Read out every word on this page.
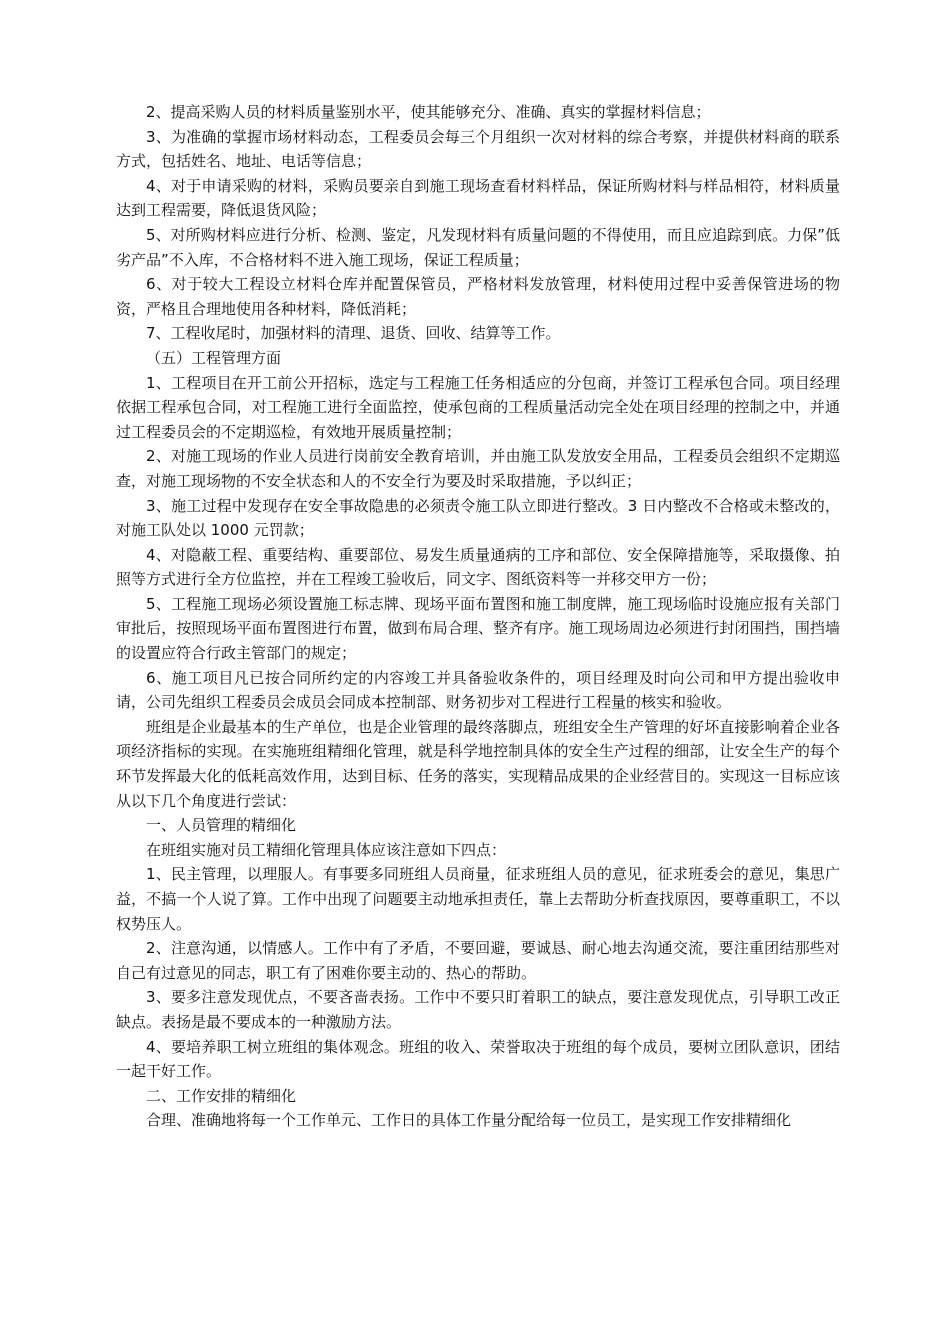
2、提高采购人员的材料质量鉴别水平，使其能够充分、准确、真实的掌握材料信息；

3、为准确的掌握市场材料动态，工程委员会每三个月组织一次对材料的综合考察，并提供材料商的联系方式，包括姓名、地址、电话等信息；

4、对于申请采购的材料，采购员要亲自到施工现场查看材料样品，保证所购材料与样品相符，材料质量达到工程需要，降低退货风险；

5、对所购材料应进行分析、检测、鉴定，凡发现材料有质量问题的不得使用，而且应追踪到底。力保”低劣产品”不入库，不合格材料不进入施工现场，保证工程质量；

6、对于较大工程设立材料仓库并配置保管员，严格材料发放管理，材料使用过程中妥善保管进场的物资，严格且合理地使用各种材料，降低消耗；

7、工程收尾时，加强材料的清理、退货、回收、结算等工作。

（五）工程管理方面

1、工程项目在开工前公开招标，选定与工程施工任务相适应的分包商，并签订工程承包合同。项目经理依据工程承包合同，对工程施工进行全面监控，使承包商的工程质量活动完全处在项目经理的控制之中，并通过工程委员会的不定期巡检，有效地开展质量控制；

2、对施工现场的作业人员进行岗前安全教育培训，并由施工队发放安全用品，工程委员会组织不定期巡查，对施工现场物的不安全状态和人的不安全行为要及时采取措施，予以纠正；

3、施工过程中发现存在安全事故隐患的必须责令施工队立即进行整改。3 日内整改不合格或未整改的，对施工队处以 1000 元罚款；

4、对隐蔽工程、重要结构、重要部位、易发生质量通病的工序和部位、安全保障措施等，采取摄像、拍照等方式进行全方位监控，并在工程竣工验收后，同文字、图纸资料等一并移交甲方一份；

5、工程施工现场必须设置施工标志牌、现场平面布置图和施工制度牌，施工现场临时设施应报有关部门审批后，按照现场平面布置图进行布置，做到布局合理、整齐有序。施工现场周边必须进行封闭围挡，围挡墙的设置应符合行政主管部门的规定；

6、施工项目凡已按合同所约定的内容竣工并具备验收条件的，项目经理及时向公司和甲方提出验收申请，公司先组织工程委员会成员会同成本控制部、财务初步对工程进行工程量的核实和验收。

班组是企业最基本的生产单位，也是企业管理的最终落脚点，班组安全生产管理的好坏直接影响着企业各项经济指标的实现。在实施班组精细化管理，就是科学地控制具体的安全生产过程的细部，让安全生产的每个环节发挥最大化的低耗高效作用，达到目标、任务的落实，实现精品成果的企业经营目的。实现这一目标应该从以下几个角度进行尝试：

一、人员管理的精细化

在班组实施对员工精细化管理具体应该注意如下四点：

1、民主管理，以理服人。有事要多同班组人员商量，征求班组人员的意见，征求班委会的意见，集思广益，不搞一个人说了算。工作中出现了问题要主动地承担责任，靠上去帮助分析查找原因，要尊重职工，不以权势压人。

2、注意沟通，以情感人。工作中有了矛盾，不要回避，要诚恳、耐心地去沟通交流，要注重团结那些对自己有过意见的同志，职工有了困难你要主动的、热心的帮助。

3、要多注意发现优点，不要吝啬表扬。工作中不要只盯着职工的缺点，要注意发现优点，引导职工改正缺点。表扬是最不要成本的一种激励方法。

4、要培养职工树立班组的集体观念。班组的收入、荣誉取决于班组的每个成员，要树立团队意识，团结一起干好工作。

二、工作安排的精细化

合理、准确地将每一个工作单元、工作日的具体工作量分配给每一位员工，是实现工作安排精细化
